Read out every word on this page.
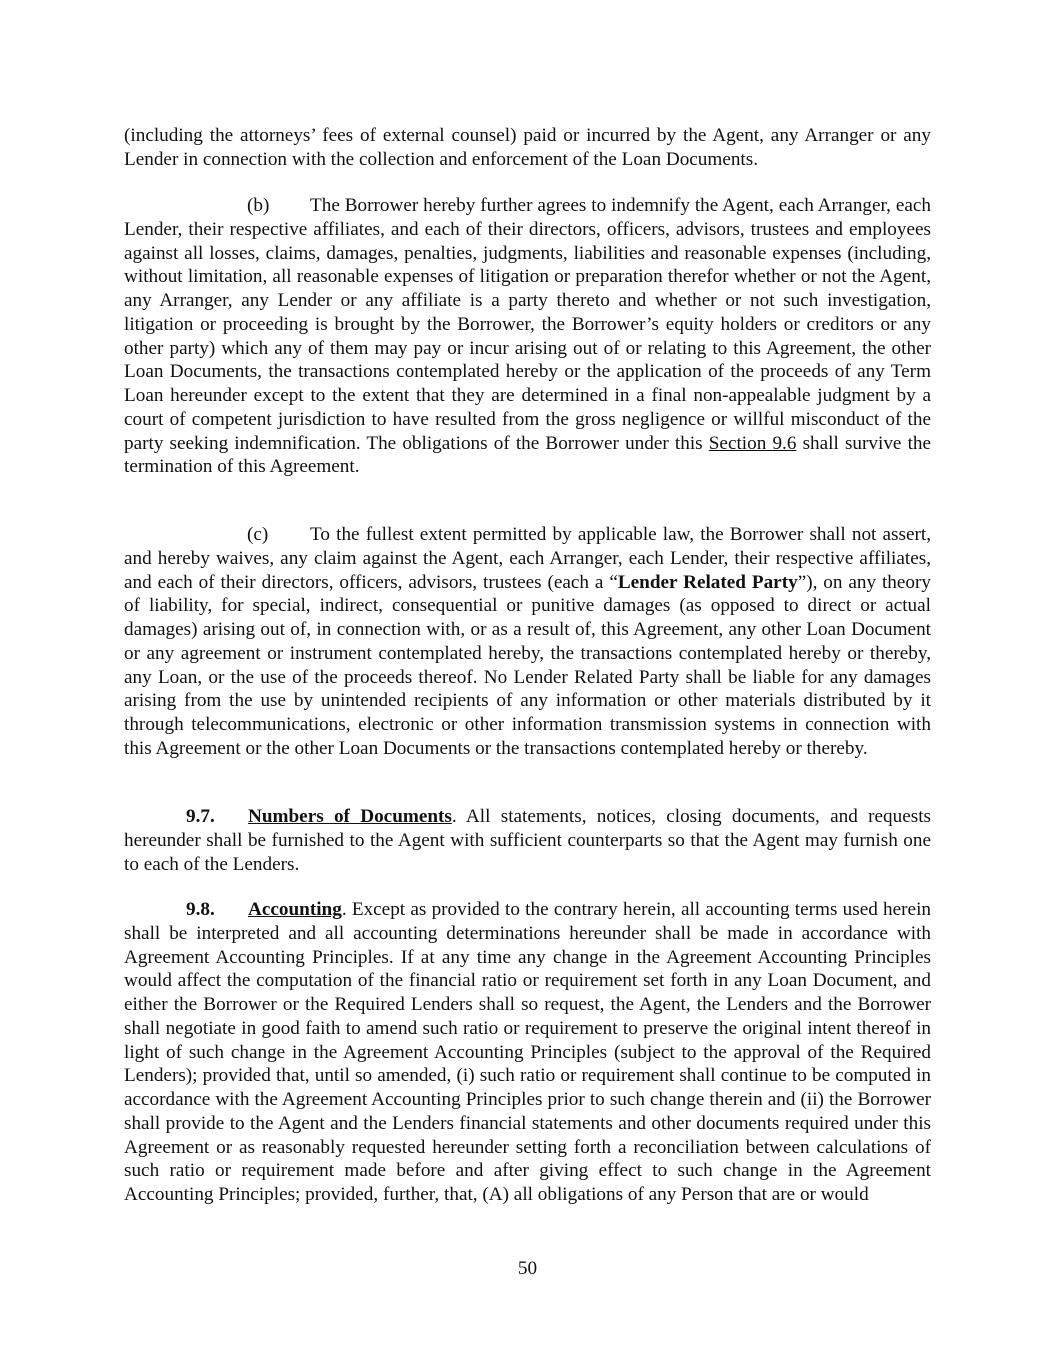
(including the attorneys’ fees of external counsel) paid or incurred by the Agent, any Arranger or any Lender in connection with the collection and enforcement of the Loan Documents.

(b) The Borrower hereby further agrees to indemnify the Agent, each Arranger, each Lender, their respective affiliates, and each of their directors, officers, advisors, trustees and employees against all losses, claims, damages, penalties, judgments, liabilities and reasonable expenses (including, without limitation, all reasonable expenses of litigation or preparation therefor whether or not the Agent, any Arranger, any Lender or any affiliate is a party thereto and whether or not such investigation, litigation or proceeding is brought by the Borrower, the Borrower’s equity holders or creditors or any other party) which any of them may pay or incur arising out of or relating to this Agreement, the other Loan Documents, the transactions contemplated hereby or the application of the proceeds of any Term Loan hereunder except to the extent that they are determined in a final non-appealable judgment by a court of competent jurisdiction to have resulted from the gross negligence or willful misconduct of the party seeking indemnification. The obligations of the Borrower under this Section 9.6 shall survive the termination of this Agreement.

(c) To the fullest extent permitted by applicable law, the Borrower shall not assert, and hereby waives, any claim against the Agent, each Arranger, each Lender, their respective affiliates, and each of their directors, officers, advisors, trustees (each a “Lender Related Party”), on any theory of liability, for special, indirect, consequential or punitive damages (as opposed to direct or actual damages) arising out of, in connection with, or as a result of, this Agreement, any other Loan Document or any agreement or instrument contemplated hereby, the transactions contemplated hereby or thereby, any Loan, or the use of the proceeds thereof. No Lender Related Party shall be liable for any damages arising from the use by unintended recipients of any information or other materials distributed by it through telecommunications, electronic or other information transmission systems in connection with this Agreement or the other Loan Documents or the transactions contemplated hereby or thereby.

9.7. Numbers of Documents. All statements, notices, closing documents, and requests hereunder shall be furnished to the Agent with sufficient counterparts so that the Agent may furnish one to each of the Lenders.

9.8. Accounting. Except as provided to the contrary herein, all accounting terms used herein shall be interpreted and all accounting determinations hereunder shall be made in accordance with Agreement Accounting Principles. If at any time any change in the Agreement Accounting Principles would affect the computation of the financial ratio or requirement set forth in any Loan Document, and either the Borrower or the Required Lenders shall so request, the Agent, the Lenders and the Borrower shall negotiate in good faith to amend such ratio or requirement to preserve the original intent thereof in light of such change in the Agreement Accounting Principles (subject to the approval of the Required Lenders); provided that, until so amended, (i) such ratio or requirement shall continue to be computed in accordance with the Agreement Accounting Principles prior to such change therein and (ii) the Borrower shall provide to the Agent and the Lenders financial statements and other documents required under this Agreement or as reasonably requested hereunder setting forth a reconciliation between calculations of such ratio or requirement made before and after giving effect to such change in the Agreement Accounting Principles; provided, further, that, (A) all obligations of any Person that are or would

50
